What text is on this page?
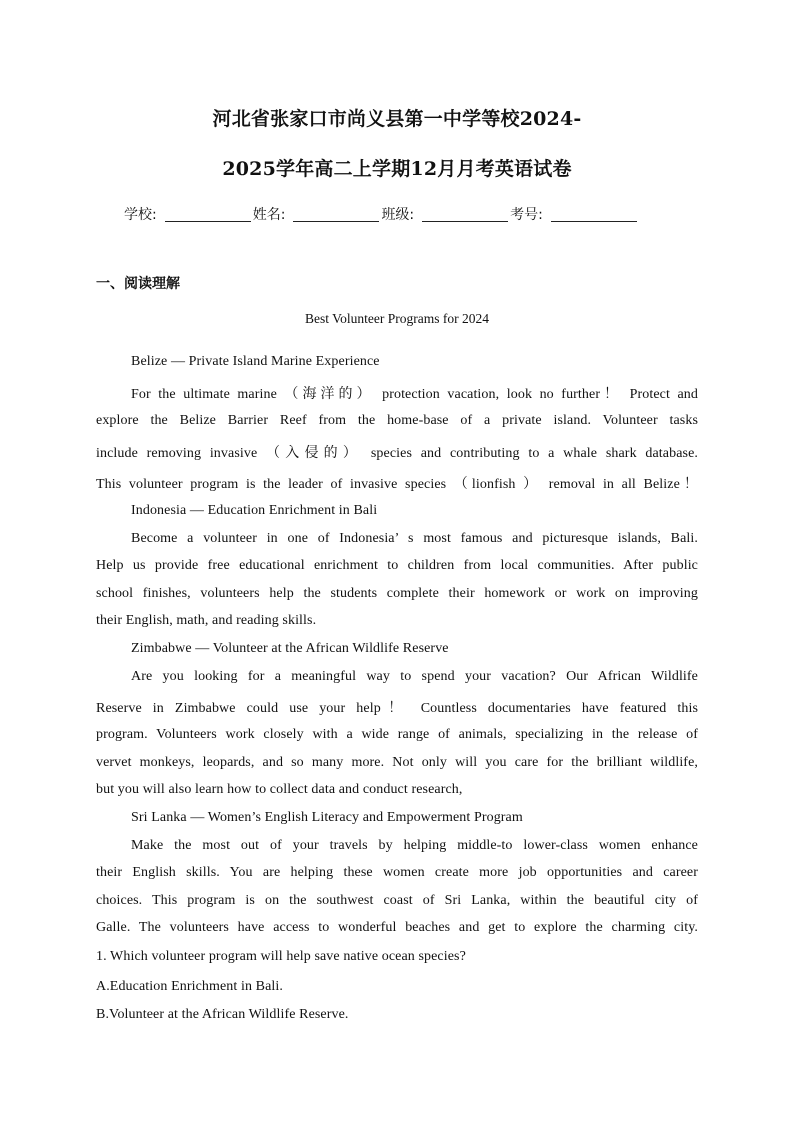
河北省张家口市尚义县第一中学等校2024-
2025学年高二上学期12月月考英语试卷
学校:	姓名:	班级:	考号:
一、阅读理解
Best Volunteer Programs for 2024
Belize — Private Island Marine Experience
For the ultimate marine （海洋的） protection vacation, look no further！ Protect and
explore the Belize Barrier Reef from the home-base of a private island. Volunteer tasks
include removing invasive （入侵的） species and contributing to a whale shark database.
This volunteer program is the leader of invasive species （lionfish ） removal in all Belize！
Indonesia — Education Enrichment in Bali
Become a volunteer in one of Indonesia’ s most famous and picturesque islands, Bali.
Help us provide free educational enrichment to children from local communities. After public
school finishes, volunteers help the students complete their homework or work on improving
their English, math, and reading skills.
Zimbabwe — Volunteer at the African Wildlife Reserve
Are you looking for a meaningful way to spend your vacation? Our African Wildlife
Reserve in Zimbabwe could use your help！ Countless documentaries have featured this
program. Volunteers work closely with a wide range of animals, specializing in the release of
vervet monkeys, leopards, and so many more. Not only will you care for the brilliant wildlife,
but you will also learn how to collect data and conduct research,
Sri Lanka — Women’s English Literacy and Empowerment Program
Make the most out of your travels by helping middle-to lower-class women enhance
their English skills. You are helping these women create more job opportunities and career
choices. This program is on the southwest coast of Sri Lanka, within the beautiful city of
Galle. The volunteers have access to wonderful beaches and get to explore the charming city.
1. Which volunteer program will help save native ocean species?
A.Education Enrichment in Bali.
B.Volunteer at the African Wildlife Reserve.
